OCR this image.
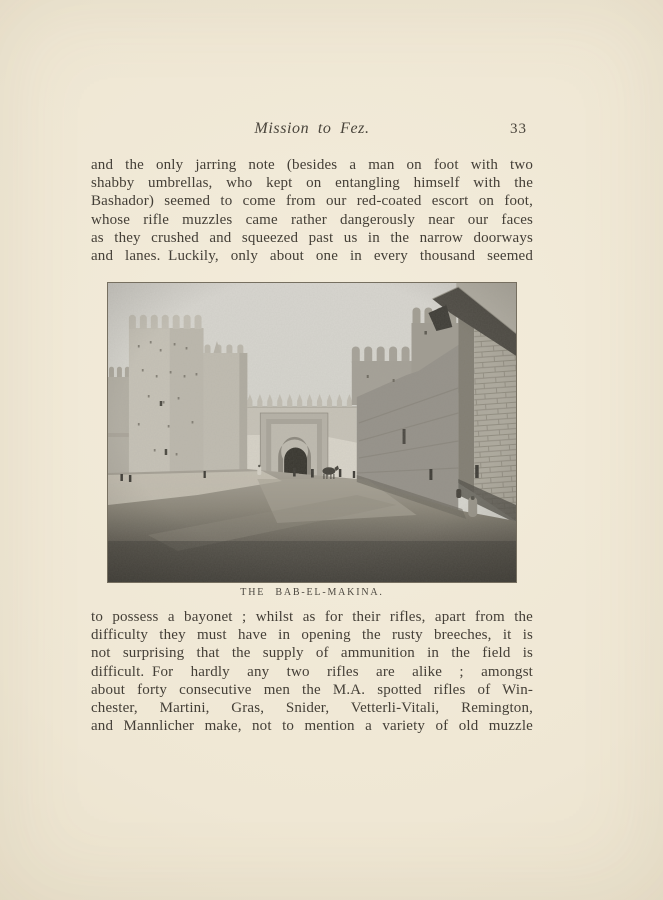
Mission to Fez.	33
and the only jarring note (besides a man on foot with two
shabby umbrellas, who kept on entangling himself with the
Bashador) seemed to come from our red-coated escort on foot,
whose rifle muzzles came rather dangerously near our faces
as they crushed and squeezed past us in the narrow doorways
and lanes. Luckily, only about one in every thousand seemed
THE BAB-EL-MAKINA.
to possess a bayonet ; whilst as for their rifles, apart from the
difficulty they must have in opening the rusty breeches, it is
not surprising that the supply of ammunition in the field is
difficult. For hardly any two rifles are alike ; amongst
about forty consecutive men the M.A. spotted rifles of Win-
chester, Martini, Gras, Snider, Vetterli-Vitali, Remington,
and Mannlicher make, not to mention a variety of old muzzle
